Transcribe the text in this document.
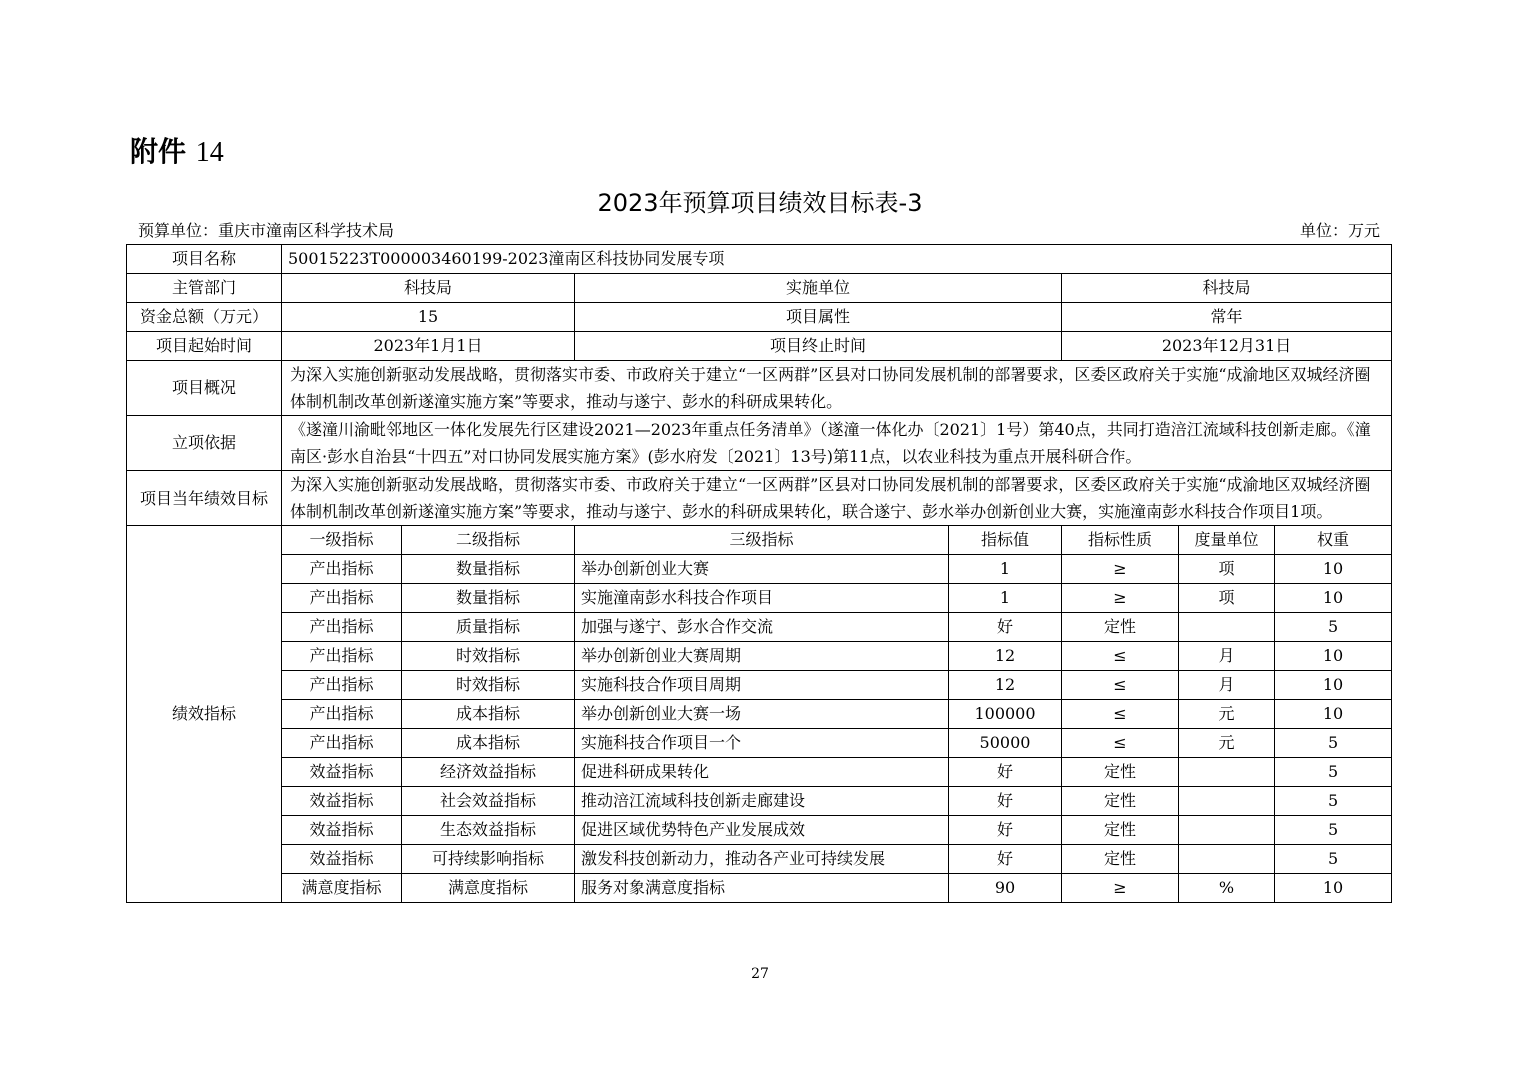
附件 14
2023年预算项目绩效目标表-3
预算单位：重庆市潼南区科学技术局	单位：万元
项目名称	50015223T000003460199-2023潼南区科技协同发展专项						
主管部门	科技局		实施单位		科技局		
资金总额（万元）	15		项目属性		常年		
项目起始时间	2023年1月1日		项目终止时间		2023年12月31日		
项目概况	为深入实施创新驱动发展战略，贯彻落实市委、市政府关于建立“一区两群”区县对口协同发展机制的部署要求，区委区政府关于实施“成渝地区双城经济圈体制机制改革创新遂潼实施方案”等要求，推动与遂宁、彭水的科研成果转化。						
立项依据	《遂潼川渝毗邻地区一体化发展先行区建设2021—2023年重点任务清单》（遂潼一体化办〔2021〕1号）第40点，共同打造涪江流域科技创新走廊。《潼南区·彭水自治县“十四五”对口协同发展实施方案》(彭水府发〔2021〕13号)第11点，以农业科技为重点开展科研合作。						
项目当年绩效目标	为深入实施创新驱动发展战略，贯彻落实市委、市政府关于建立“一区两群”区县对口协同发展机制的部署要求，区委区政府关于实施“成渝地区双城经济圈体制机制改革创新遂潼实施方案”等要求，推动与遂宁、彭水的科研成果转化，联合遂宁、彭水举办创新创业大赛，实施潼南彭水科技合作项目1项。						
绩效指标	一级指标	二级指标	三级指标	指标值	指标性质	度量单位	权重
	产出指标	数量指标	举办创新创业大赛	1	≥	项	10
	产出指标	数量指标	实施潼南彭水科技合作项目	1	≥	项	10
	产出指标	质量指标	加强与遂宁、彭水合作交流	好	定性		5
	产出指标	时效指标	举办创新创业大赛周期	12	≤	月	10
	产出指标	时效指标	实施科技合作项目周期	12	≤	月	10
	产出指标	成本指标	举办创新创业大赛一场	100000	≤	元	10
	产出指标	成本指标	实施科技合作项目一个	50000	≤	元	5
	效益指标	经济效益指标	促进科研成果转化	好	定性		5
	效益指标	社会效益指标	推动涪江流域科技创新走廊建设	好	定性		5
	效益指标	生态效益指标	促进区域优势特色产业发展成效	好	定性		5
	效益指标	可持续影响指标	激发科技创新动力，推动各产业可持续发展	好	定性		5
	满意度指标	满意度指标	服务对象满意度指标	90	≥	%	10
27
